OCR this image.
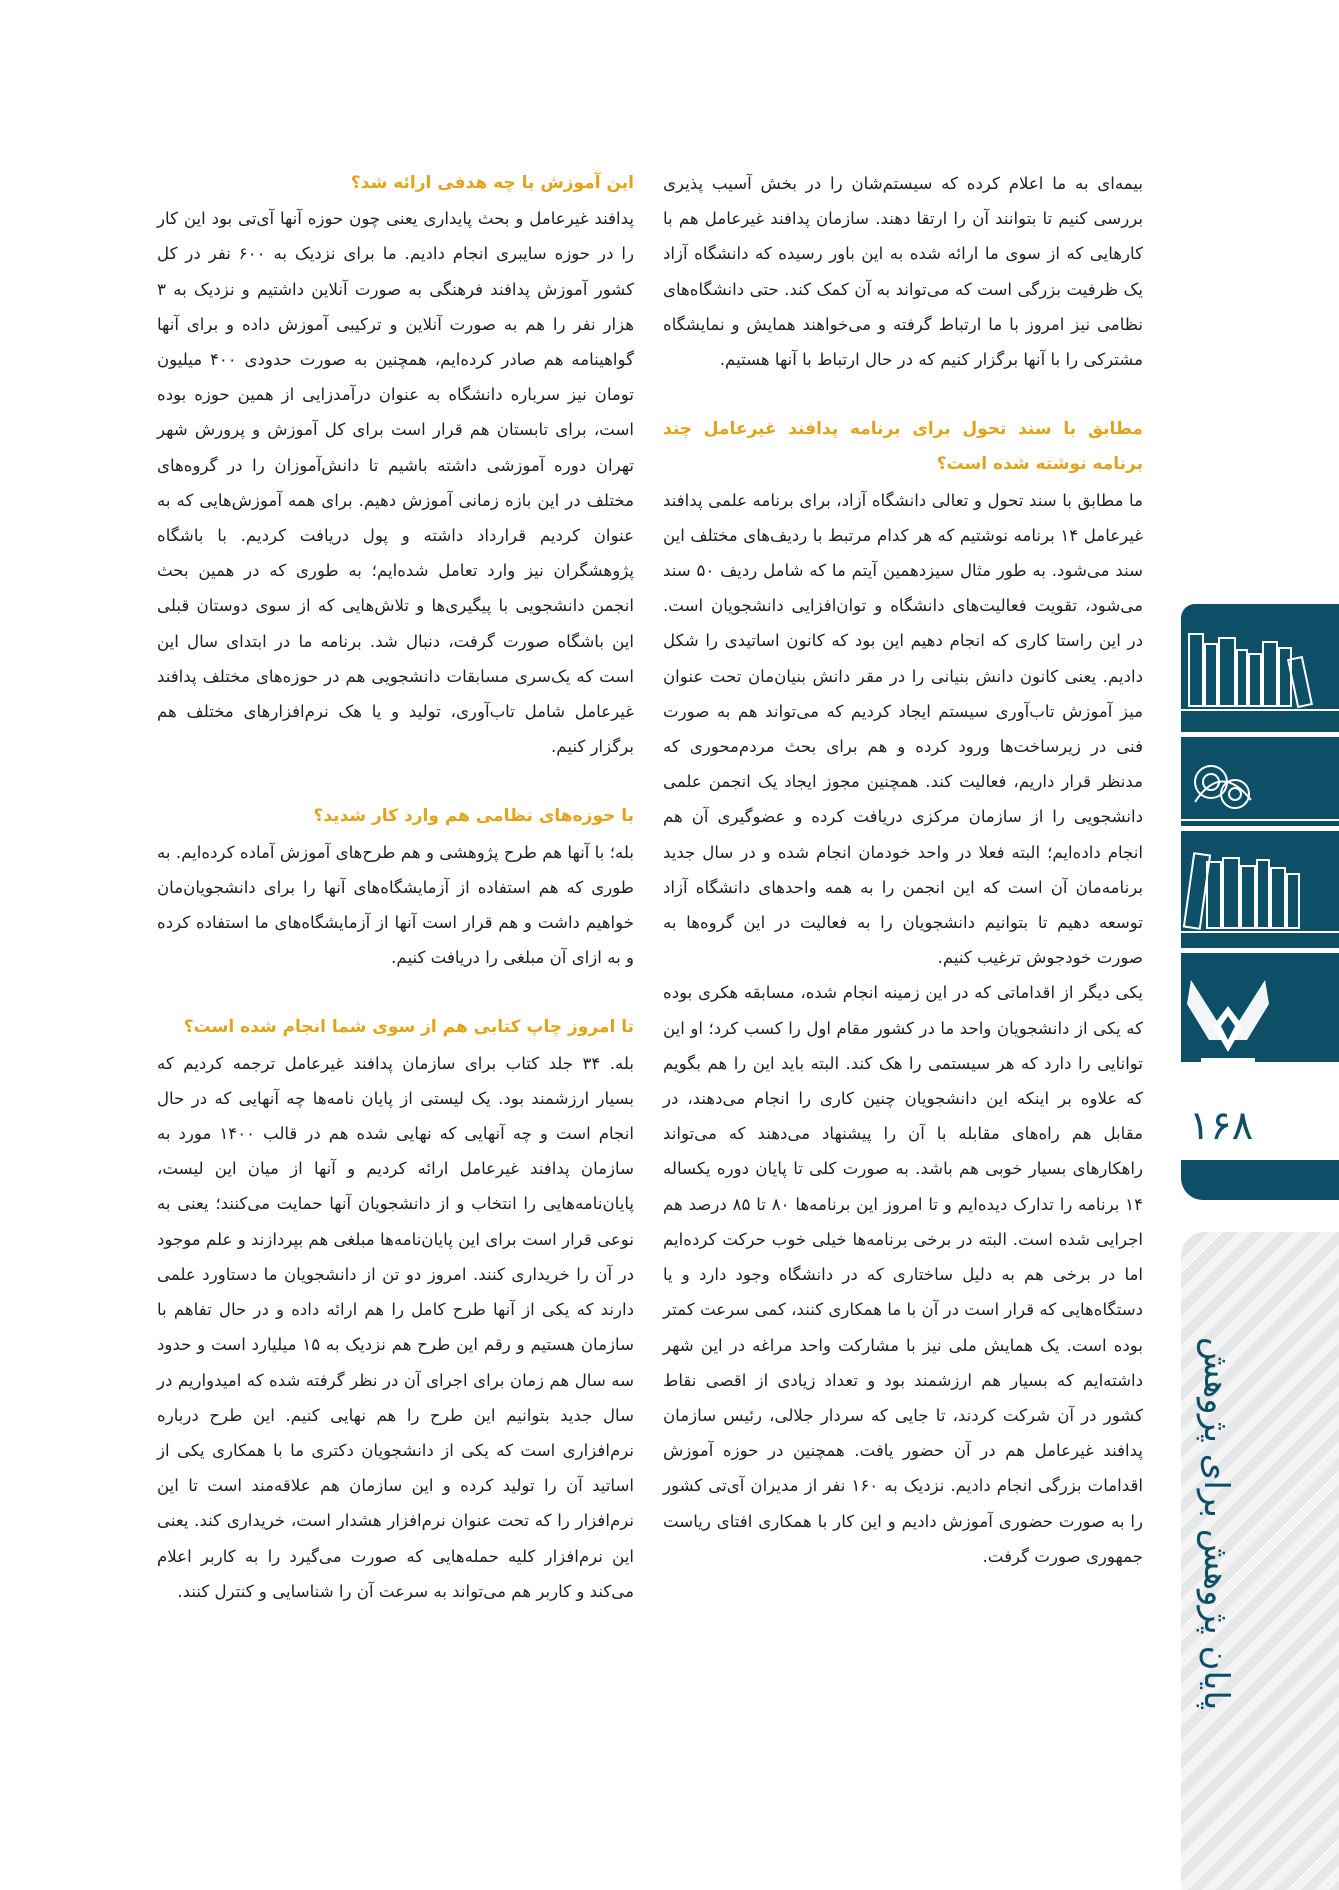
بیمه‌ای به ما اعلام کرده که سیستم‌شان را در بخش آسیب پذیری بررسی کنیم تا بتوانند آن را ارتقا دهند. سازمان پدافند غیرعامل هم با کارهایی که از سوی ما ارائه شده به این باور رسیده که دانشگاه آزاد یک ظرفیت بزرگی است که می‌تواند به آن کمک کند. حتی دانشگاه‌های نظامی نیز امروز با ما ارتباط گرفته و می‌خواهند همایش و نمایشگاه مشترکی را با آنها برگزار کنیم که در حال ارتباط با آنها هستیم.

مطابق با سند تحول برای برنامه پدافند غیرعامل چند برنامه نوشته شده است؟

ما مطابق با سند تحول و تعالی دانشگاه آزاد، برای برنامه علمی پدافند غیرعامل ۱۴ برنامه نوشتیم که هر کدام مرتبط با ردیف‌های مختلف این سند می‌شود. به طور مثال سیزدهمین آیتم ما که شامل ردیف ۵۰ سند می‌شود، تقویت فعالیت‌های دانشگاه و توان‌افزایی دانشجویان است. در این راستا کاری که انجام دهیم این بود که کانون اساتیدی را شکل دادیم. یعنی کانون دانش بنیانی را در مقر دانش بنیان‌مان تحت عنوان میز آموزش تاب‌آوری سیستم ایجاد کردیم که می‌تواند هم به صورت فنی در زیرساخت‌ها ورود کرده و هم برای بحث مردم‌محوری که مدنظر قرار داریم، فعالیت کند. همچنین مجوز ایجاد یک انجمن علمی دانشجویی را از سازمان مرکزی دریافت کرده و عضوگیری آن هم انجام داده‌ایم؛ البته فعلا در واحد خودمان انجام شده و در سال جدید برنامه‌مان آن است که این انجمن را به همه واحدهای دانشگاه آزاد توسعه دهیم تا بتوانیم دانشجویان را به فعالیت در این گروه‌ها به صورت خودجوش ترغیب کنیم.

یکی دیگر از اقداماتی که در این زمینه انجام شده، مسابقه هکری بوده که یکی از دانشجویان واحد ما در کشور مقام اول را کسب کرد؛ او این توانایی را دارد که هر سیستمی را هک کند. البته باید این را هم بگویم که علاوه بر اینکه این دانشجویان چنین کاری را انجام می‌دهند، در مقابل هم راه‌های مقابله با آن را پیشنهاد می‌دهند که می‌تواند راهکارهای بسیار خوبی هم باشد. به صورت کلی تا پایان دوره یکساله ۱۴ برنامه را تدارک دیده‌ایم و تا امروز این برنامه‌ها ۸۰ تا ۸۵ درصد هم اجرایی شده است. البته در برخی برنامه‌ها خیلی خوب حرکت کرده‌ایم اما در برخی هم به دلیل ساختاری که در دانشگاه وجود دارد و یا دستگاه‌هایی که قرار است در آن با ما همکاری کنند، کمی سرعت کمتر بوده است. یک همایش ملی نیز با مشارکت واحد مراغه در این شهر داشته‌ایم که بسیار هم ارزشمند بود و تعداد زیادی از اقصی نقاط کشور در آن شرکت کردند، تا جایی که سردار جلالی، رئیس سازمان پدافند غیرعامل هم در آن حضور یافت. همچنین در حوزه آموزش اقدامات بزرگی انجام دادیم. نزدیک به ۱۶۰ نفر از مدیران آی‌تی کشور را به صورت حضوری آموزش دادیم و این کار با همکاری افتای ریاست جمهوری صورت گرفت.

این آموزش با چه هدفی ارائه شد؟

پدافند غیرعامل و بحث پایداری یعنی چون حوزه آنها آی‌تی بود این کار را در حوزه سایبری انجام دادیم. ما برای نزدیک به ۶۰۰ نفر در کل کشور آموزش پدافند فرهنگی به صورت آنلاین داشتیم و نزدیک به ۳ هزار نفر را هم به صورت آنلاین و ترکیبی آموزش داده و برای آنها گواهینامه هم صادر کرده‌ایم، همچنین به صورت حدودی ۴۰۰ میلیون تومان نیز سرباره دانشگاه به عنوان درآمدزایی از همین حوزه بوده است، برای تابستان هم قرار است برای کل آموزش و پرورش شهر تهران دوره آموزشی داشته باشیم تا دانش‌آموزان را در گروه‌های مختلف در این بازه زمانی آموزش دهیم. برای همه آموزش‌هایی که به عنوان کردیم قرارداد داشته و پول دریافت کردیم. با باشگاه پژوهشگران نیز وارد تعامل شده‌ایم؛ به طوری که در همین بحث انجمن دانشجویی با پیگیری‌ها و تلاش‌هایی که از سوی دوستان قبلی این باشگاه صورت گرفت، دنبال شد. برنامه ما در ابتدای سال این است که یک‌سری مسابقات دانشجویی هم در حوزه‌های مختلف پدافند غیرعامل شامل تاب‌آوری، تولید و یا هک نرم‌افزارهای مختلف هم برگزار کنیم.

با حوزه‌های نظامی هم وارد کار شدید؟

بله؛ با آنها هم طرح پژوهشی و هم طرح‌های آموزش آماده کرده‌ایم. به طوری که هم استفاده از آزمایشگاه‌های آنها را برای دانشجویان‌مان خواهیم داشت و هم قرار است آنها از آزمایشگاه‌های ما استفاده کرده و به ازای آن مبلغی را دریافت کنیم.

تا امروز چاپ کتابی هم از سوی شما انجام شده است؟

بله. ۳۴ جلد کتاب برای سازمان پدافند غیرعامل ترجمه کردیم که بسیار ارزشمند بود. یک لیستی از پایان نامه‌ها چه آنهایی که در حال انجام است و چه آنهایی که نهایی شده هم در قالب ۱۴۰۰ مورد به سازمان پدافند غیرعامل ارائه کردیم و آنها از میان این لیست، پایان‌نامه‌هایی را انتخاب و از دانشجویان آنها حمایت می‌کنند؛ یعنی به نوعی قرار است برای این پایان‌نامه‌ها مبلغی هم بپردازند و علم موجود در آن را خریداری کنند. امروز دو تن از دانشجویان ما دستاورد علمی دارند که یکی از آنها طرح کامل را هم ارائه داده و در حال تفاهم با سازمان هستیم و رقم این طرح هم نزدیک به ۱۵ میلیارد است و حدود سه سال هم زمان برای اجرای آن در نظر گرفته شده که امیدواریم در سال جدید بتوانیم این طرح را هم نهایی کنیم. این طرح درباره نرم‌افزاری است که یکی از دانشجویان دکتری ما با همکاری یکی از اساتید آن را تولید کرده و این سازمان هم علاقه‌مند است تا این نرم‌افزار را که تحت عنوان نرم‌افزار هشدار است، خریداری کند. یعنی این نرم‌افزار کلیه حمله‌هایی که صورت می‌گیرد را به کاربر اعلام می‌کند و کاربر هم می‌تواند به سرعت آن را شناسایی و کنترل کنند.

۱۶۸
پایان پژوهش برای پژوهش
